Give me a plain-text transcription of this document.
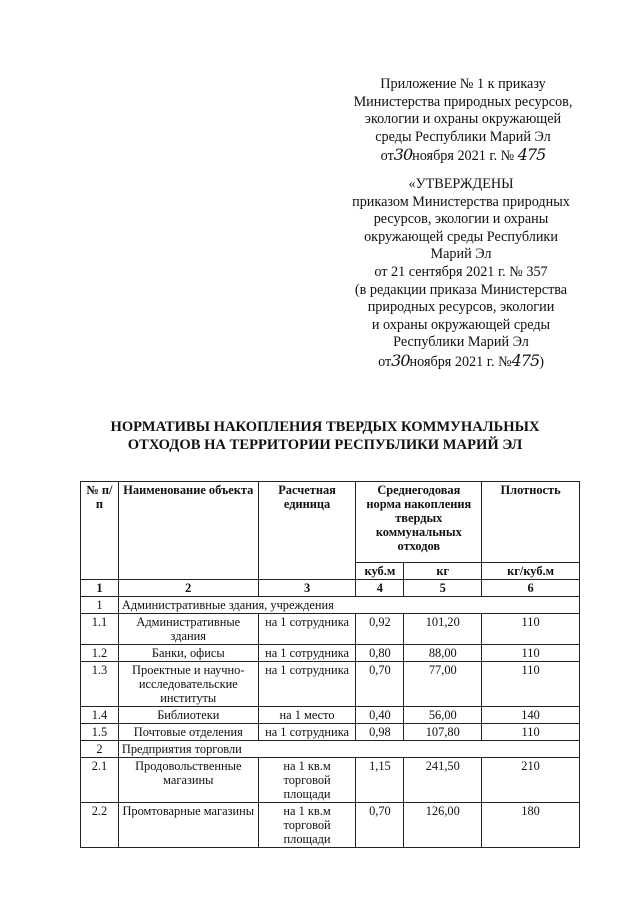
Приложение № 1 к приказу
Министерства природных ресурсов,
экологии и охраны окружающей
среды Республики Марий Эл
от30ноября 2021 г. № 475
«УТВЕРЖДЕНЫ
приказом Министерства природных
ресурсов, экологии и охраны
окружающей среды Республики
Марий Эл
от 21 сентября 2021 г. № 357
(в редакции приказа Министерства
природных ресурсов, экологии
и охраны окружающей среды
Республики Марий Эл
от30ноября 2021 г. №475)
НОРМАТИВЫ НАКОПЛЕНИЯ ТВЕРДЫХ КОММУНАЛЬНЫХ
ОТХОДОВ НА ТЕРРИТОРИИ РЕСПУБЛИКИ МАРИЙ ЭЛ
№ п/п	Наименование объекта	Расчетная единица	Среднегодовая норма накопления твердых коммунальных отходов		Плотность
			куб.м	кг	кг/куб.м
1	2	3	4	5	6
1	Административные здания, учреждения				
1.1	Административные здания	на 1 сотрудника	0,92	101,20	110
1.2	Банки, офисы	на 1 сотрудника	0,80	88,00	110
1.3	Проектные и научно-исследовательские институты	на 1 сотрудника	0,70	77,00	110
1.4	Библиотеки	на 1 место	0,40	56,00	140
1.5	Почтовые отделения	на 1 сотрудника	0,98	107,80	110
2	Предприятия торговли				
2.1	Продовольственные магазины	на 1 кв.м торговой площади	1,15	241,50	210
2.2	Промтоварные магазины	на 1 кв.м торговой площади	0,70	126,00	180
